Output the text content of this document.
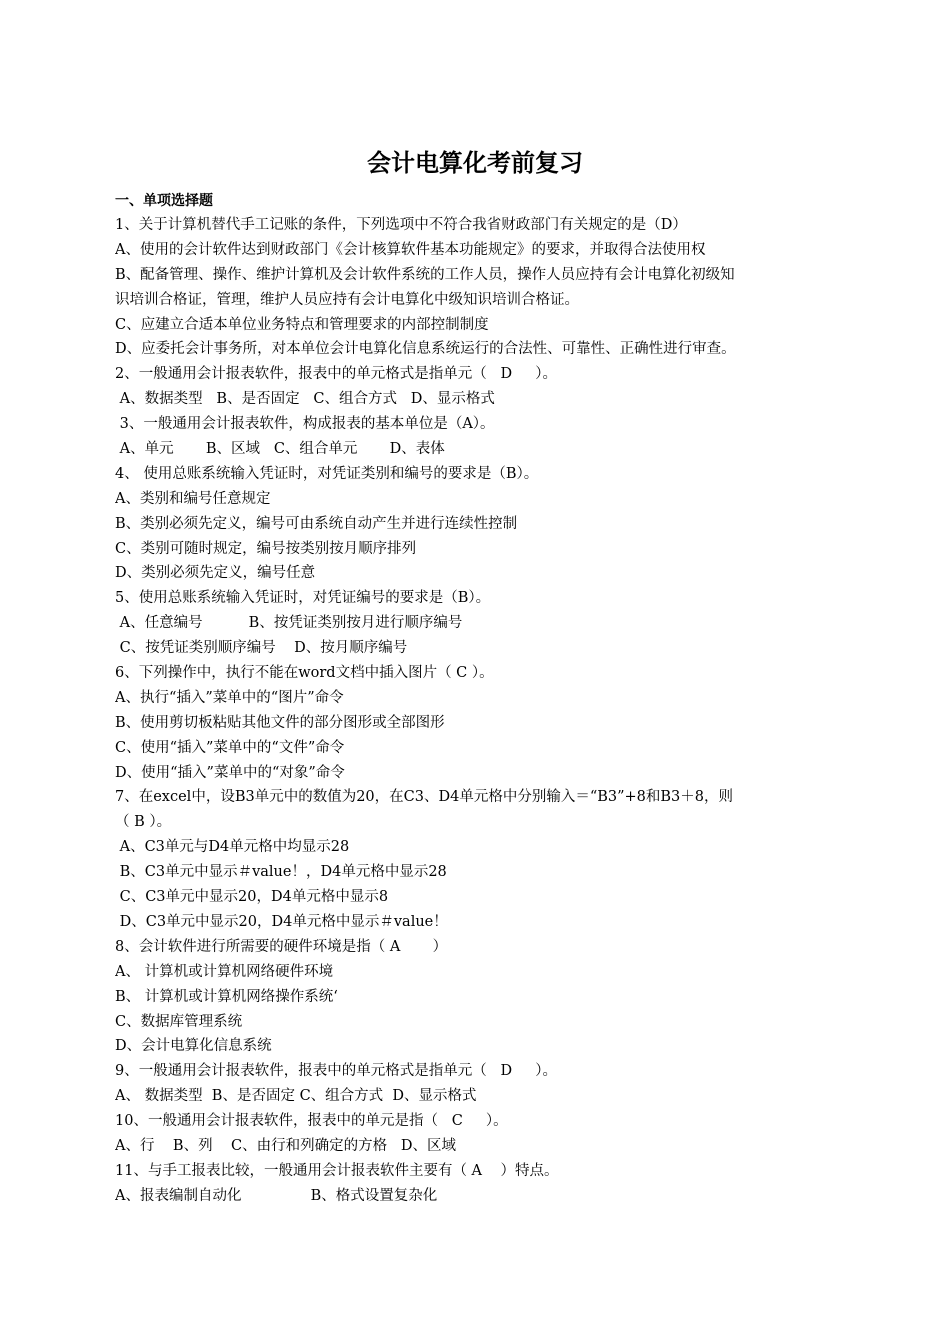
会计电算化考前复习
一、单项选择题
1、关于计算机替代手工记账的条件，下列选项中不符合我省财政部门有关规定的是（D）
A、使用的会计软件达到财政部门《会计核算软件基本功能规定》的要求，并取得合法使用权
B、配备管理、操作、维护计算机及会计软件系统的工作人员，操作人员应持有会计电算化初级知
识培训合格证，管理，维护人员应持有会计电算化中级知识培训合格证。
C、应建立合适本单位业务特点和管理要求的内部控制制度
D、应委托会计事务所，对本单位会计电算化信息系统运行的合法性、可靠性、正确性进行审查。
2、一般通用会计报表软件，报表中的单元格式是指单元（   D     ）。
A、数据类型   B、是否固定   C、组合方式   D、显示格式
3、一般通用会计报表软件，构成报表的基本单位是（A）。
A、单元       B、区域   C、组合单元       D、表体
4、 使用总账系统输入凭证时，对凭证类别和编号的要求是（B）。
A、类别和编号任意规定
B、类别必须先定义，编号可由系统自动产生并进行连续性控制
C、类别可随时规定，编号按类别按月顺序排列
D、类别必须先定义，编号任意
5、使用总账系统输入凭证时，对凭证编号的要求是（B）。
A、任意编号          B、按凭证类别按月进行顺序编号
C、按凭证类别顺序编号    D、按月顺序编号
6、下列操作中，执行不能在word文档中插入图片（ C ）。
A、执行“插入”菜单中的“图片”命令
B、使用剪切板粘贴其他文件的部分图形或全部图形
C、使用“插入”菜单中的“文件”命令
D、使用“插入”菜单中的“对象”命令
7、在excel中，设B3单元中的数值为20，在C3、D4单元格中分别输入＝“B3”+8和B3＋8，则
（ B ）。
A、C3单元与D4单元格中均显示28
B、C3单元中显示＃value！，D4单元格中显示28
C、C3单元中显示20，D4单元格中显示8
D、C3单元中显示20，D4单元格中显示＃value！
8、会计软件进行所需要的硬件环境是指（ A       ）
A、 计算机或计算机网络硬件环境
B、 计算机或计算机网络操作系统‘
C、数据库管理系统
D、会计电算化信息系统
9、一般通用会计报表软件，报表中的单元格式是指单元（   D     ）。
A、 数据类型  B、是否固定 C、组合方式  D、显示格式
10、一般通用会计报表软件，报表中的单元是指（   C     ）。
A、行    B、列    C、由行和列确定的方格   D、区域
11、与手工报表比较，一般通用会计报表软件主要有（ A    ）特点。
A、报表编制自动化               B、格式设置复杂化
